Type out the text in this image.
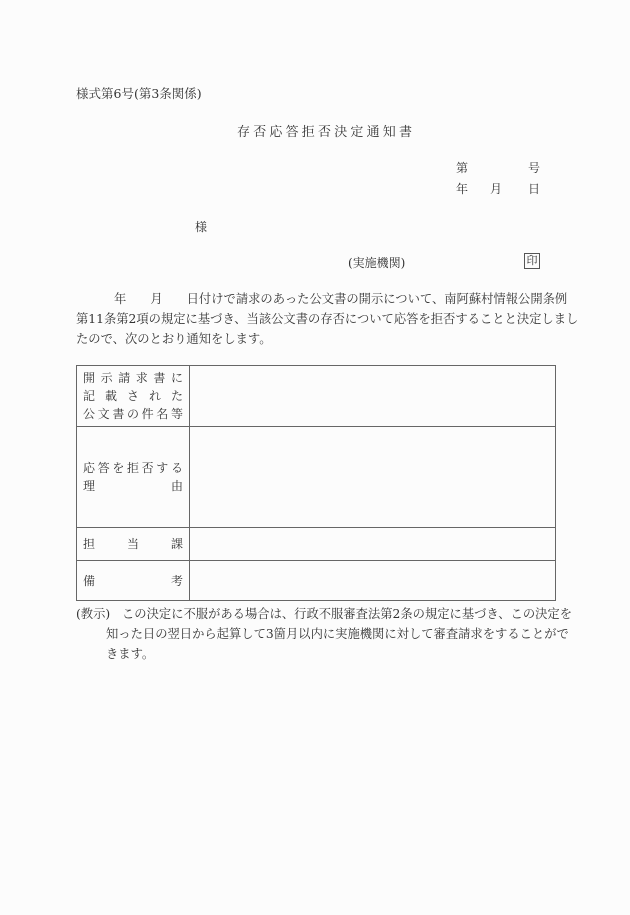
様式第6号(第3条関係)
存否応答拒否決定通知書
第	号
年 月 日
様
(実施機関)	印
年 月 日付けで請求のあった公文書の開示について、南阿蘇村情報公開条例
第11条第2項の規定に基づき、当該公文書の存否について応答を拒否することと決定しまし
たので、次のとおり通知をします。
開 示 請 求 書 に
記 載 さ れ た
公 文 書 の 件 名 等

応 答 を 拒 否 す る
理	由

担 当 課	

備 考	

(教示) この決定に不服がある場合は、行政不服審査法第2条の規定に基づき、この決定を
知った日の翌日から起算して3箇月以内に実施機関に対して審査請求をすることがで
きます。
